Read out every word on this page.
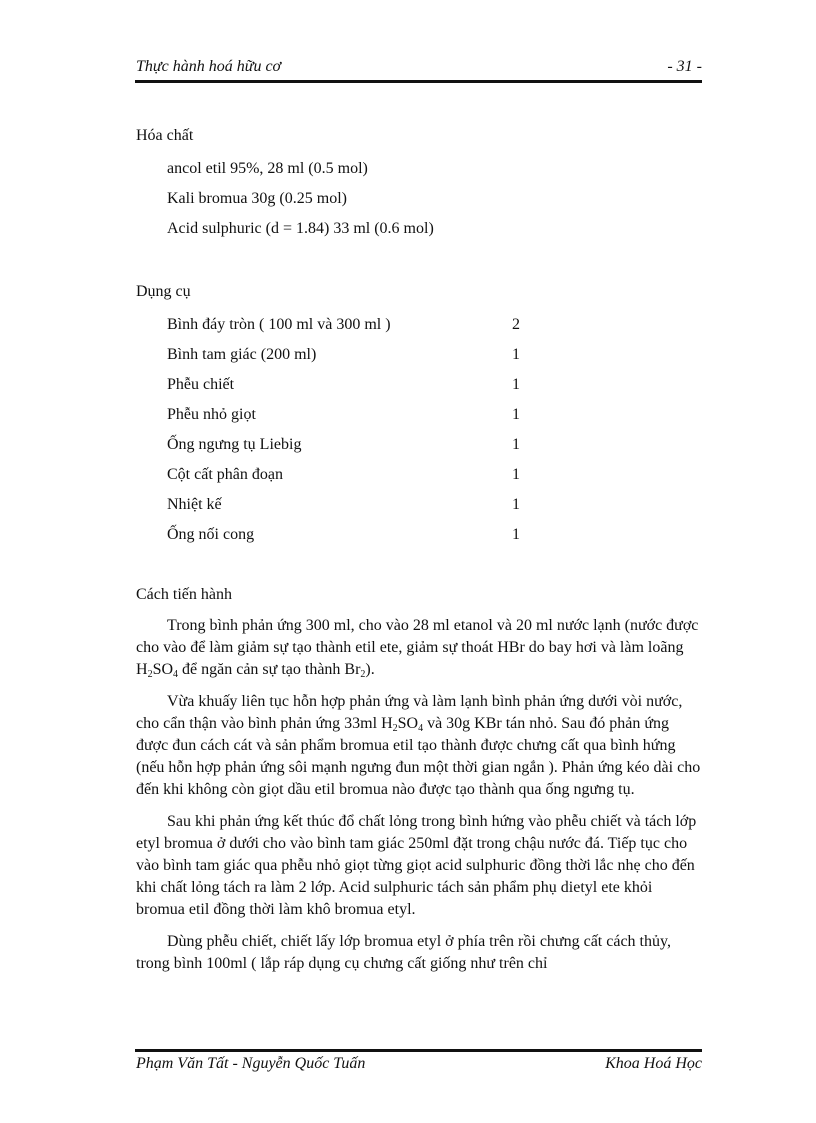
Thực hành hoá hữu cơ	- 31 -
Hóa chất
ancol etil 95%, 28 ml (0.5 mol)
Kali bromua 30g (0.25 mol)
Acid sulphuric (d = 1.84) 33 ml (0.6 mol)
Dụng cụ
Bình đáy tròn ( 100 ml và 300 ml )	2
Bình tam giác (200 ml)	1
Phễu chiết	1
Phễu nhỏ giọt	1
Ống ngưng tụ Liebig	1
Cột cất phân đoạn	1
Nhiệt kế	1
Ống nối cong	1
Cách tiến hành

Trong bình phản ứng 300 ml, cho vào 28 ml etanol và 20 ml nước lạnh (nước được cho vào để làm giảm sự tạo thành etil ete, giảm sự thoát HBr do bay hơi và làm loãng $H_2SO_4$ để ngăn cản sự tạo thành $Br_2$).

Vừa khuấy liên tục hỗn hợp phản ứng và làm lạnh bình phản ứng dưới vòi nước, cho cẩn thận vào bình phản ứng 33ml $H_2SO_4$ và 30g KBr tán nhỏ. Sau đó phản ứng được đun cách cát và sản phẩm bromua etil tạo thành được chưng cất qua bình hứng (nếu hỗn hợp phản ứng sôi mạnh ngưng đun một thời gian ngắn ). Phản ứng kéo dài cho đến khi không còn giọt dầu etil bromua nào được tạo thành qua ống ngưng tụ.

Sau khi phản ứng kết thúc đổ chất lỏng trong bình hứng vào phễu chiết và tách lớp etyl bromua ở dưới cho vào bình tam giác 250ml đặt trong chậu nước đá. Tiếp tục cho vào bình tam giác qua phễu nhỏ giọt từng giọt acid sulphuric đồng thời lắc nhẹ cho đến khi chất lỏng tách ra làm 2 lớp. Acid sulphuric tách sản phẩm phụ dietyl ete khỏi bromua etil đồng thời làm khô bromua etyl.

Dùng phễu chiết, chiết lấy lớp bromua etyl ở phía trên rồi chưng cất cách thủy, trong bình 100ml ( lắp ráp dụng cụ chưng cất giống như trên chỉ

Phạm Văn Tất - Nguyễn Quốc Tuấn	Khoa Hoá Học
